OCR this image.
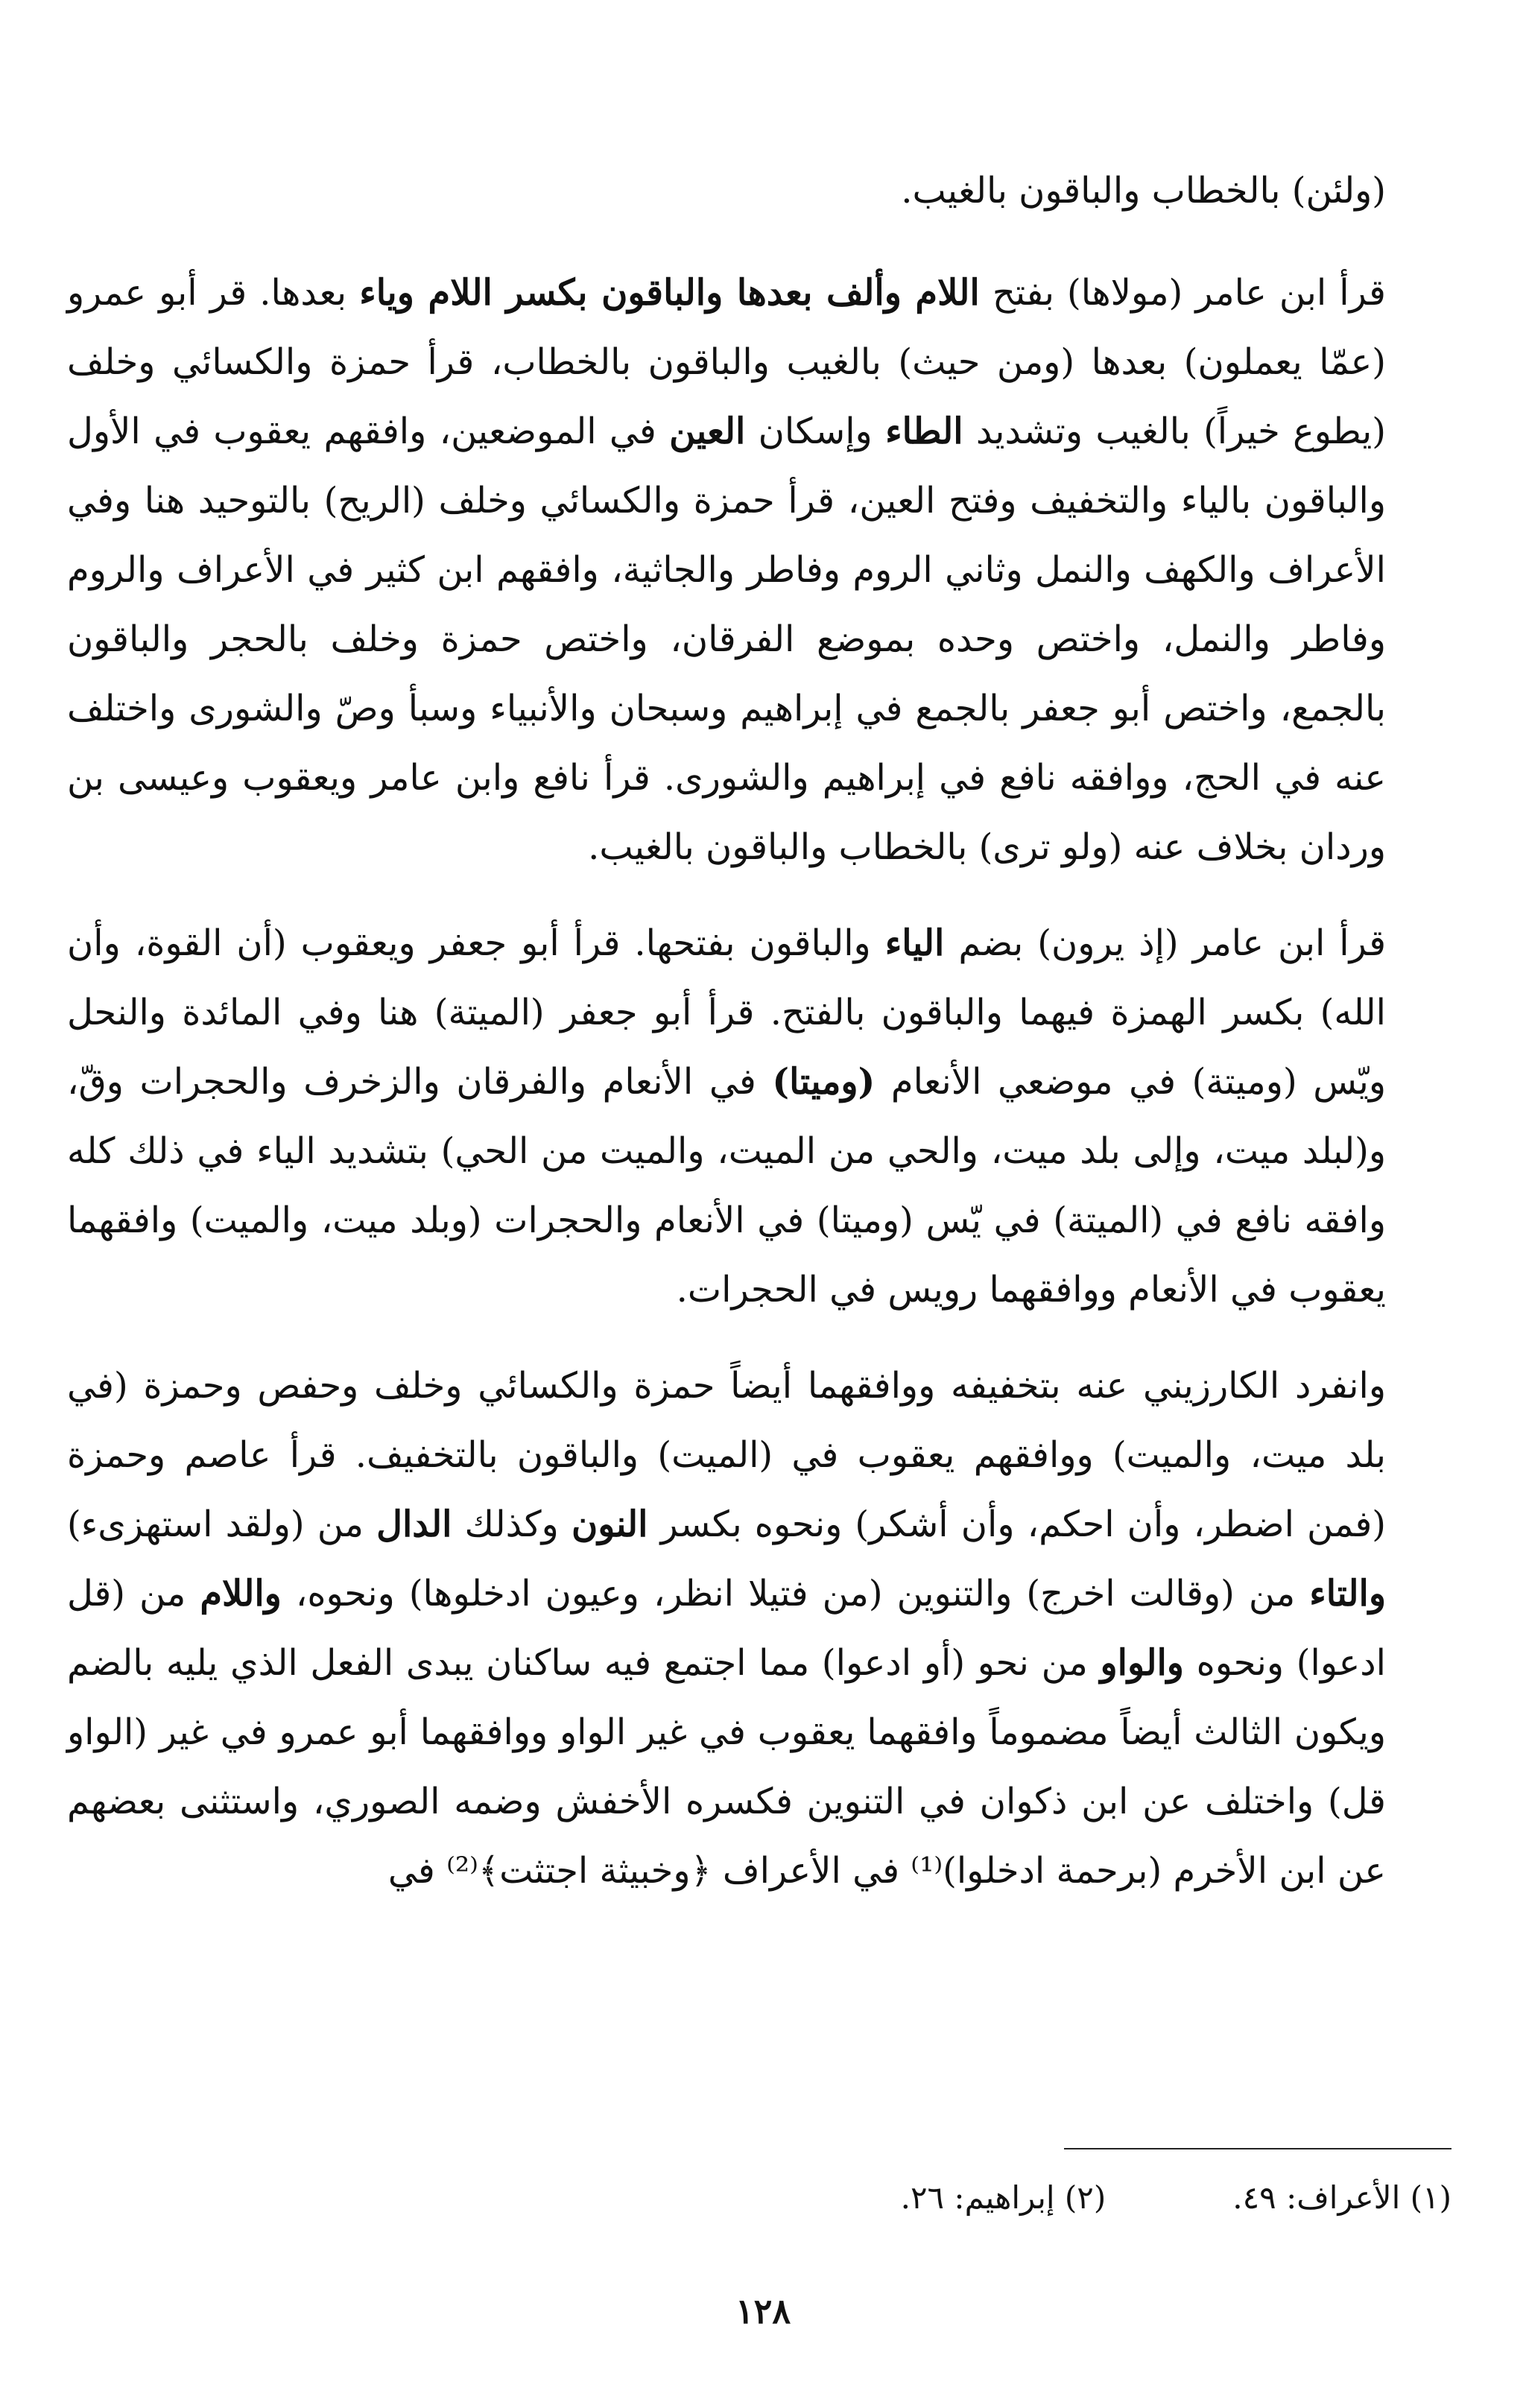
(ولئن) بالخطاب والباقون بالغيب.

قرأ ابن عامر (مولاها) بفتح اللام وألف بعدها والباقون بكسر اللام وياء بعدها. قر أبو عمرو (عمّا يعملون) بعدها (ومن حيث) بالغيب والباقون بالخطاب، قرأ حمزة والكسائي وخلف (يطوع خيراً) بالغيب وتشديد الطاء وإسكان العين في الموضعين، وافقهم يعقوب في الأول والباقون بالياء والتخفيف وفتح العين، قرأ حمزة والكسائي وخلف (الريح) بالتوحيد هنا وفي الأعراف والكهف والنمل وثاني الروم وفاطر والجاثية، وافقهم ابن كثير في الأعراف والروم وفاطر والنمل، واختص وحده بموضع الفرقان، واختص حمزة وخلف بالحجر والباقون بالجمع، واختص أبو جعفر بالجمع في إبراهيم وسبحان والأنبياء وسبأ وصّ والشورى واختلف عنه في الحج، ووافقه نافع في إبراهيم والشورى. قرأ نافع وابن عامر ويعقوب وعيسى بن وردان بخلاف عنه (ولو ترى) بالخطاب والباقون بالغيب.

قرأ ابن عامر (إذ يرون) بضم الياء والباقون بفتحها. قرأ أبو جعفر ويعقوب (أن القوة، وأن الله) بكسر الهمزة فيهما والباقون بالفتح. قرأ أبو جعفر (الميتة) هنا وفي المائدة والنحل ويّس (وميتة) في موضعي الأنعام (وميتا) في الأنعام والفرقان والزخرف والحجرات وقّ، و(لبلد ميت، وإلى بلد ميت، والحي من الميت، والميت من الحي) بتشديد الياء في ذلك كله وافقه نافع في (الميتة) في يّس (وميتا) في الأنعام والحجرات (وبلد ميت، والميت) وافقهما يعقوب في الأنعام ووافقهما رويس في الحجرات.

وانفرد الكارزيني عنه بتخفيفه ووافقهما أيضاً حمزة والكسائي وخلف وحفص وحمزة (في بلد ميت، والميت) ووافقهم يعقوب في (الميت) والباقون بالتخفيف. قرأ عاصم وحمزة (فمن اضطر، وأن احكم، وأن أشكر) ونحوه بكسر النون وكذلك الدال من (ولقد استهزىء) والتاء من (وقالت اخرج) والتنوين (من فتيلا انظر، وعيون ادخلوها) ونحوه، واللام من (قل ادعوا) ونحوه والواو من نحو (أو ادعوا) مما اجتمع فيه ساكنان يبدى الفعل الذي يليه بالضم ويكون الثالث أيضاً مضموماً وافقهما يعقوب في غير الواو ووافقهما أبو عمرو في غير (الواو قل) واختلف عن ابن ذكوان في التنوين فكسره الأخفش وضمه الصوري، واستثنى بعضهم عن ابن الأخرم (برحمة ادخلوا)⁽¹⁾ في الأعراف ﴿وخبيثة اجتثت﴾⁽²⁾ في

(١) الأعراف: ٤٩.
(٢) إبراهيم: ٢٦.
١٢٨
